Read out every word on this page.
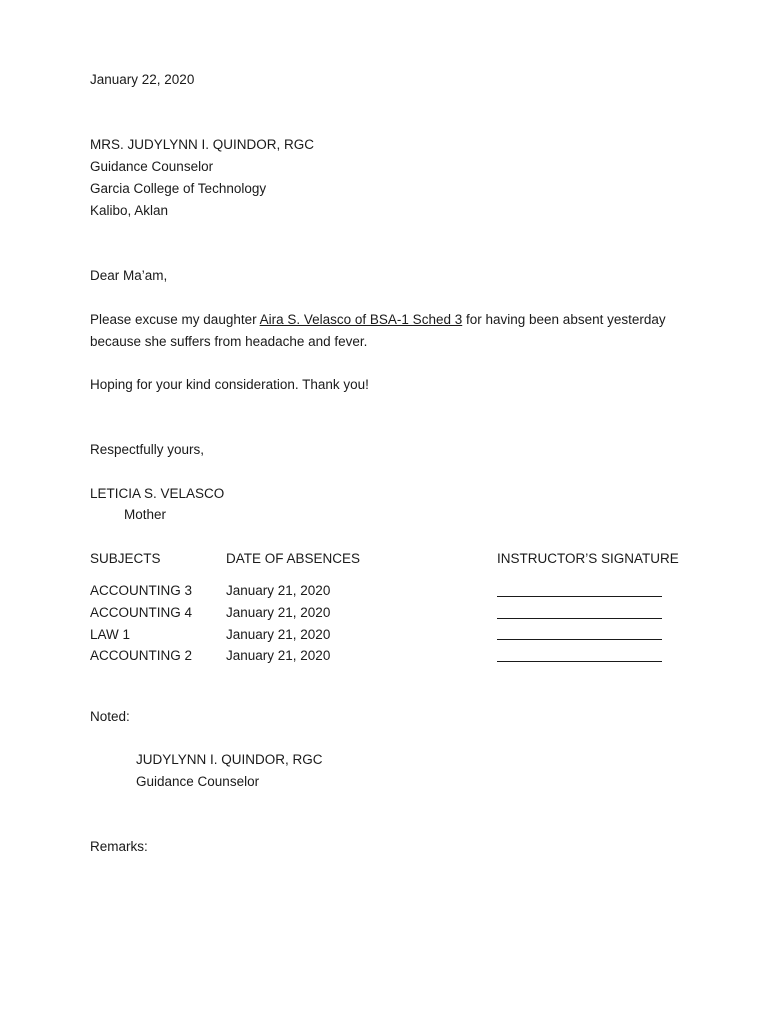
January 22, 2020
MRS. JUDYLYNN I. QUINDOR, RGC
Guidance Counselor
Garcia College of Technology
Kalibo, Aklan
Dear Ma’am,
Please excuse my daughter Aira S. Velasco of BSA-1 Sched 3 for having been absent yesterday
because she suffers from headache and fever.
Hoping for your kind consideration. Thank you!
Respectfully yours,
LETICIA S. VELASCO
Mother
SUBJECTS	DATE OF ABSENCES	INSTRUCTOR’S SIGNATURE
ACCOUNTING 3	January 21, 2020
ACCOUNTING 4	January 21, 2020
LAW 1	January 21, 2020
ACCOUNTING 2	January 21, 2020
Noted:
JUDYLYNN I. QUINDOR, RGC
Guidance Counselor
Remarks:
